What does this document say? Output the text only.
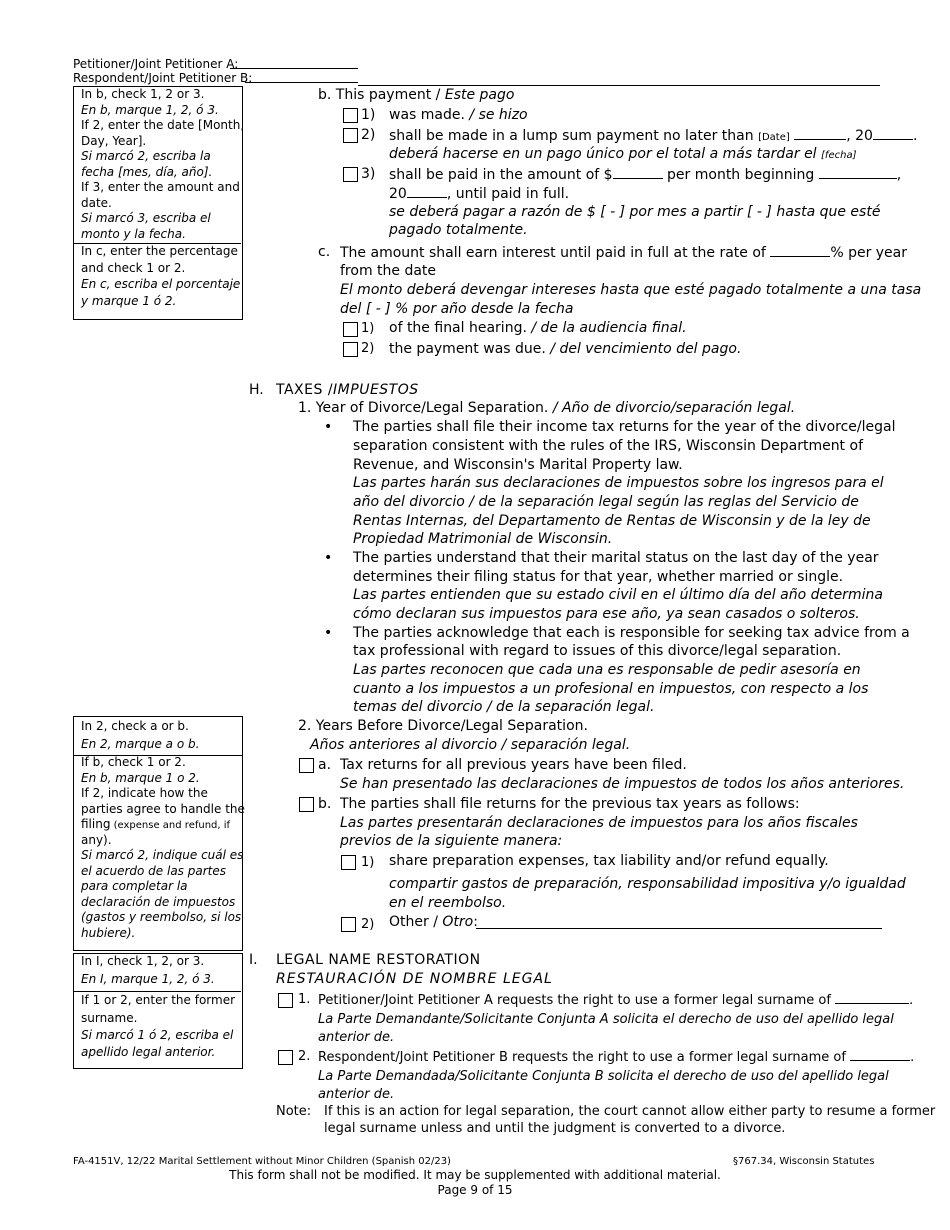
Petitioner/Joint Petitioner A:
Respondent/Joint Petitioner B:
In b, check 1, 2 or 3.
En b, marque 1, 2, ó 3.
If 2, enter the date [Month,
Day, Year].
Si marcó 2, escriba la
fecha [mes, día, año].
If 3, enter the amount and
date.
Si marcó 3, escriba el
monto y la fecha.
In c, enter the percentage
and check 1 or 2.
En c, escriba el porcentaje
y marque 1 ó 2.
In 2, check a or b.
En 2, marque a o b.
If b, check 1 or 2.
En b, marque 1 o 2.
If 2, indicate how the
parties agree to handle the
filing (expense and refund, if
any).
Si marcó 2, indique cuál es
el acuerdo de las partes
para completar la
declaración de impuestos
(gastos y reembolso, si los
hubiere).
In I, check 1, 2, or 3.
En I, marque 1, 2, ó 3.
If 1 or 2, enter the former
surname.
Si marcó 1 ó 2, escriba el
apellido legal anterior.
b. This payment / Este pago
1) was made. / se hizo
2) shall be made in a lump sum payment no later than [Date]	, 20	.
deberá hacerse en un pago único por el total a más tardar el [fecha]
3) shall be paid in the amount of $	per month beginning	,
20	, until paid in full.
se deberá pagar a razón de $ [ - ] por mes a partir [ - ] hasta que esté
pagado totalmente.
c. The amount shall earn interest until paid in full at the rate of	% per year
from the date
El monto deberá devengar intereses hasta que esté pagado totalmente a una tasa
del [ - ] % por año desde la fecha
1) of the final hearing. / de la audiencia final.
2) the payment was due. / del vencimiento del pago.
H. TAXES /IMPUESTOS
1. Year of Divorce/Legal Separation. / Año de divorcio/separación legal.
• The parties shall file their income tax returns for the year of the divorce/legal
separation consistent with the rules of the IRS, Wisconsin Department of
Revenue, and Wisconsin's Marital Property law.
Las partes harán sus declaraciones de impuestos sobre los ingresos para el
año del divorcio / de la separación legal según las reglas del Servicio de
Rentas Internas, del Departamento de Rentas de Wisconsin y de la ley de
Propiedad Matrimonial de Wisconsin.
• The parties understand that their marital status on the last day of the year
determines their filing status for that year, whether married or single.
Las partes entienden que su estado civil en el último día del año determina
cómo declaran sus impuestos para ese año, ya sean casados o solteros.
• The parties acknowledge that each is responsible for seeking tax advice from a
tax professional with regard to issues of this divorce/legal separation.
Las partes reconocen que cada una es responsable de pedir asesoría en
cuanto a los impuestos a un profesional en impuestos, con respecto a los
temas del divorcio / de la separación legal.
2. Years Before Divorce/Legal Separation.
Años anteriores al divorcio / separación legal.
a. Tax returns for all previous years have been filed.
Se han presentado las declaraciones de impuestos de todos los años anteriores.
b. The parties shall file returns for the previous tax years as follows:
Las partes presentarán declaraciones de impuestos para los años fiscales
previos de la siguiente manera:
1) share preparation expenses, tax liability and/or refund equally.
compartir gastos de preparación, responsabilidad impositiva y/o igualdad
en el reembolso.
2) Other / Otro:
I. LEGAL NAME RESTORATION
RESTAURACIÓN DE NOMBRE LEGAL
1. Petitioner/Joint Petitioner A requests the right to use a former legal surname of	.
La Parte Demandante/Solicitante Conjunta A solicita el derecho de uso del apellido legal
anterior de.
2. Respondent/Joint Petitioner B requests the right to use a former legal surname of	.
La Parte Demandada/Solicitante Conjunta B solicita el derecho de uso del apellido legal
anterior de.
Note: If this is an action for legal separation, the court cannot allow either party to resume a former
legal surname unless and until the judgment is converted to a divorce.
FA-4151V, 12/22 Marital Settlement without Minor Children (Spanish 02/23)	§767.34, Wisconsin Statutes
This form shall not be modified. It may be supplemented with additional material.
Page 9 of 15
